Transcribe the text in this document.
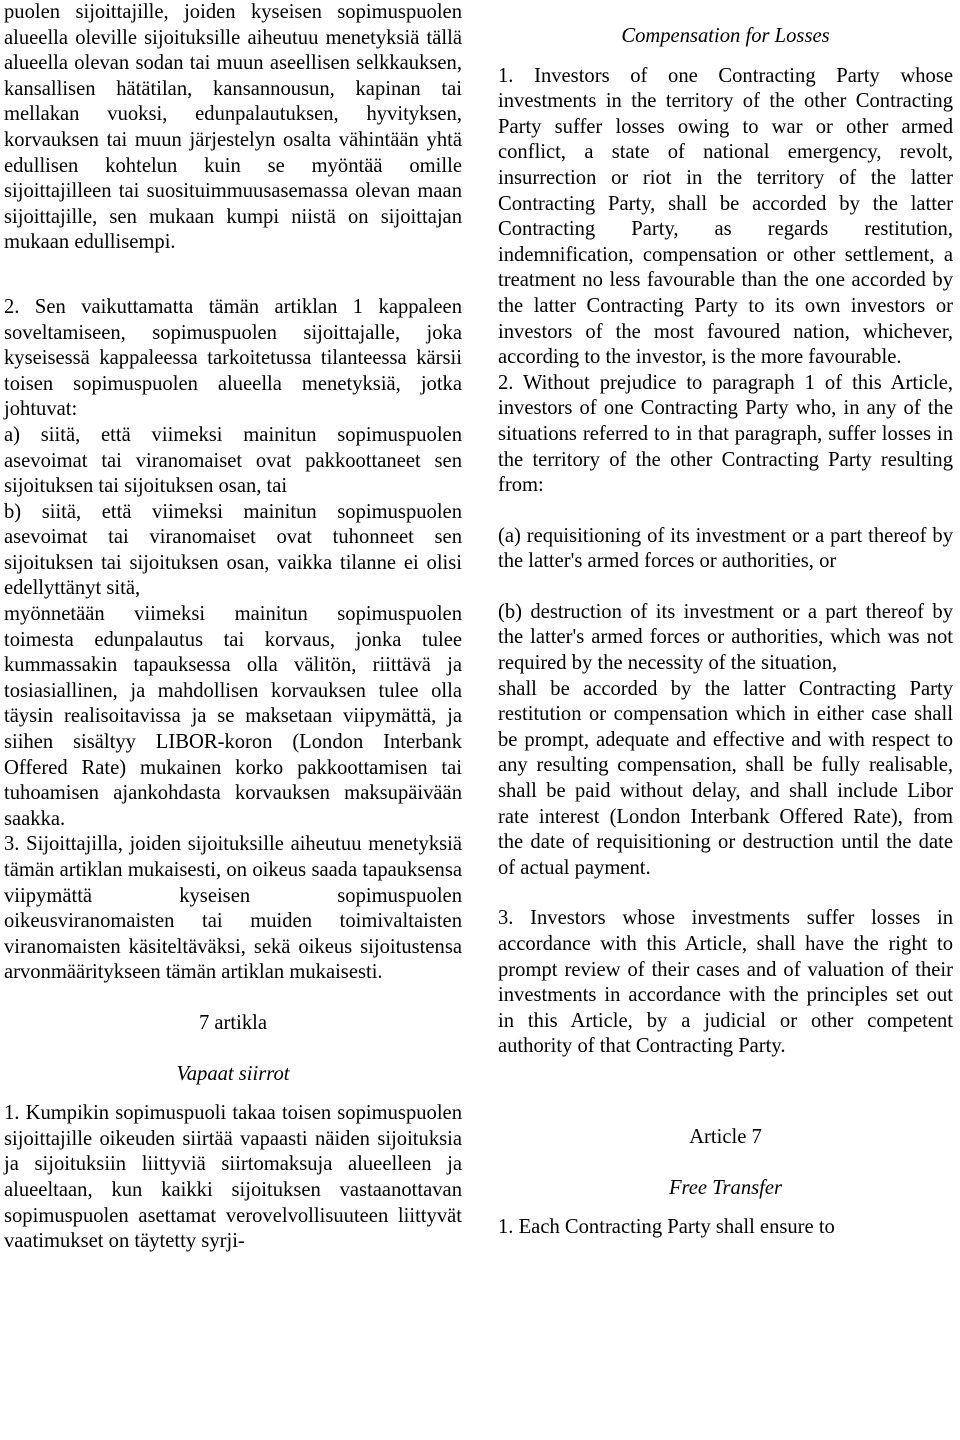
puolen sijoittajille, joiden kyseisen sopimuspuolen alueella oleville sijoituksille aiheutuu menetyksiä tällä alueella olevan sodan tai muun aseellisen selkkauksen, kansallisen hätätilan, kansannousun, kapinan tai mellakan vuoksi, edunpalautuksen, hyvityksen, korvauksen tai muun järjestelyn osalta vähintään yhtä edullisen kohtelun kuin se myöntää omille sijoittajilleen tai suosituimmuusasemassa olevan maan sijoittajille, sen mukaan kumpi niistä on sijoittajan mukaan edullisempi.

2. Sen vaikuttamatta tämän artiklan 1 kappaleen soveltamiseen, sopimuspuolen sijoittajalle, joka kyseisessä kappaleessa tarkoitetussa tilanteessa kärsii toisen sopimuspuolen alueella menetyksiä, jotka johtuvat:

a) siitä, että viimeksi mainitun sopimuspuolen asevoimat tai viranomaiset ovat pakkoottaneet sen sijoituksen tai sijoituksen osan, tai

b) siitä, että viimeksi mainitun sopimuspuolen asevoimat tai viranomaiset ovat tuhonneet sen sijoituksen tai sijoituksen osan, vaikka tilanne ei olisi edellyttänyt sitä,

myönnetään viimeksi mainitun sopimuspuolen toimesta edunpalautus tai korvaus, jonka tulee kummassakin tapauksessa olla välitön, riittävä ja tosiasiallinen, ja mahdollisen korvauksen tulee olla täysin realisoitavissa ja se maksetaan viipymättä, ja siihen sisältyy LIBOR-koron (London Interbank Offered Rate) mukainen korko pakkoottamisen tai tuhoamisen ajankohdasta korvauksen maksupäivään saakka.

3. Sijoittajilla, joiden sijoituksille aiheutuu menetyksiä tämän artiklan mukaisesti, on oikeus saada tapauksensa viipymättä kyseisen sopimuspuolen oikeusviranomaisten tai muiden toimivaltaisten viranomaisten käsiteltäväksi, sekä oikeus sijoitustensa arvonmääritykseen tämän artiklan mukaisesti.

7 artikla

Vapaat siirrot

1. Kumpikin sopimuspuoli takaa toisen sopimuspuolen sijoittajille oikeuden siirtää vapaasti näiden sijoituksia ja sijoituksiin liittyviä siirtomaksuja alueelleen ja alueeltaan, kun kaikki sijoituksen vastaanottavan sopimuspuolen asettamat verovelvollisuuteen liittyvät vaatimukset on täytetty syrji-

Compensation for Losses

1. Investors of one Contracting Party whose investments in the territory of the other Contracting Party suffer losses owing to war or other armed conflict, a state of national emergency, revolt, insurrection or riot in the territory of the latter Contracting Party, shall be accorded by the latter Contracting Party, as regards restitution, indemnification, compensation or other settlement, a treatment no less favourable than the one accorded by the latter Contracting Party to its own investors or investors of the most favoured nation, whichever, according to the investor, is the more favourable.

2. Without prejudice to paragraph 1 of this Article, investors of one Contracting Party who, in any of the situations referred to in that paragraph, suffer losses in the territory of the other Contracting Party resulting from:

(a) requisitioning of its investment or a part thereof by the latter's armed forces or authorities, or

(b) destruction of its investment or a part thereof by the latter's armed forces or authorities, which was not required by the necessity of the situation,

shall be accorded by the latter Contracting Party restitution or compensation which in either case shall be prompt, adequate and effective and with respect to any resulting compensation, shall be fully realisable, shall be paid without delay, and shall include Libor rate interest (London Interbank Offered Rate), from the date of requisitioning or destruction until the date of actual payment.

3. Investors whose investments suffer losses in accordance with this Article, shall have the right to prompt review of their cases and of valuation of their investments in accordance with the principles set out in this Article, by a judicial or other competent authority of that Contracting Party.

Article 7

Free Transfer

1. Each Contracting Party shall ensure to
